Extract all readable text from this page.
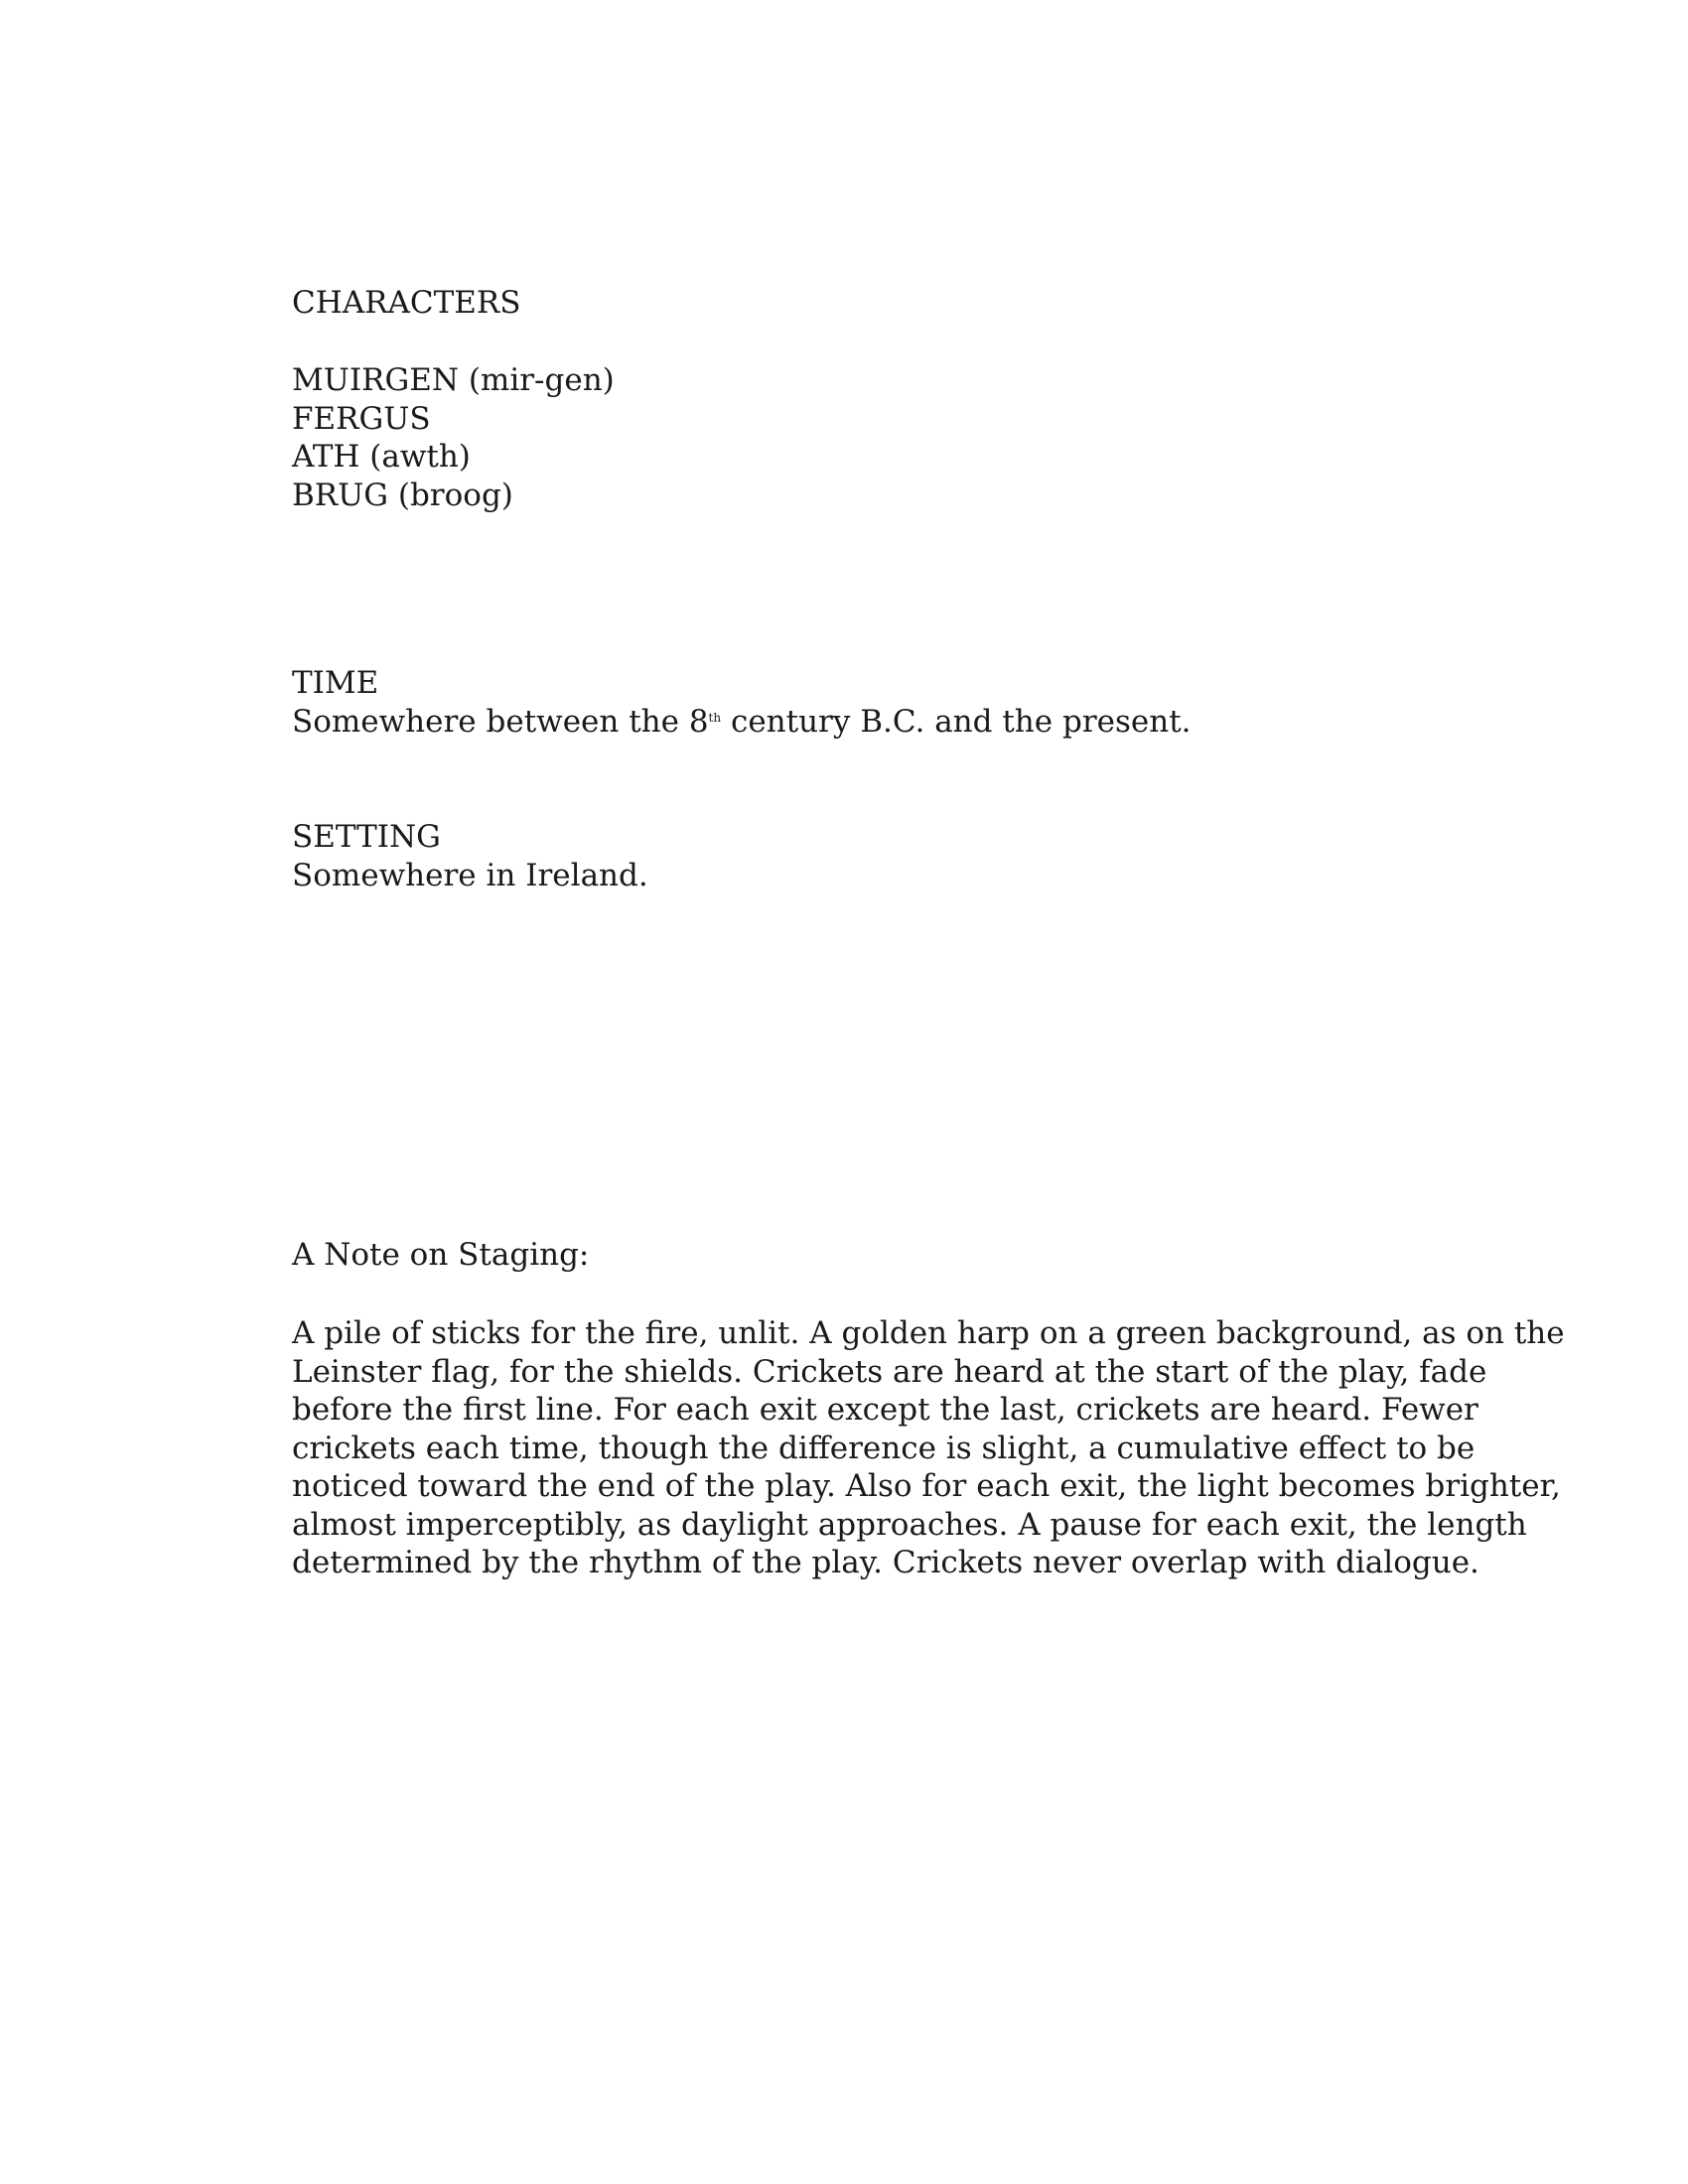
CHARACTERS
MUIRGEN (mir-gen)
FERGUS
ATH (awth)
BRUG (broog)
TIME
Somewhere between the 8th century B.C. and the present.
SETTING
Somewhere in Ireland.
A Note on Staging:
A pile of sticks for the fire, unlit. A golden harp on a green background, as on the
Leinster flag, for the shields. Crickets are heard at the start of the play, fade
before the first line. For each exit except the last, crickets are heard. Fewer
crickets each time, though the difference is slight, a cumulative effect to be
noticed toward the end of the play. Also for each exit, the light becomes brighter,
almost imperceptibly, as daylight approaches. A pause for each exit, the length
determined by the rhythm of the play. Crickets never overlap with dialogue.
